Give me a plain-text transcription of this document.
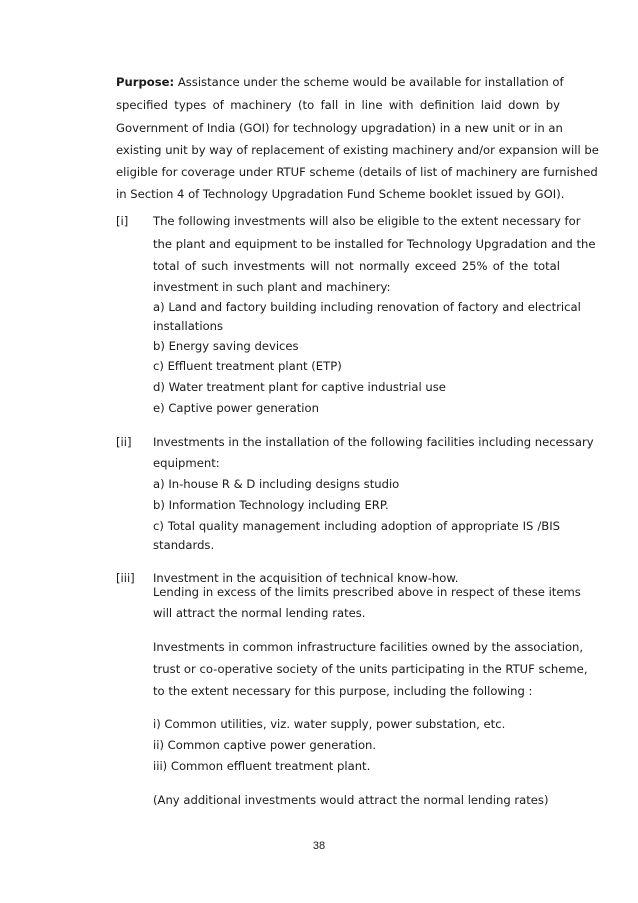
Purpose: Assistance under the scheme would be available for installation of
specified types of machinery (to fall in line with definition laid down by
Government of India (GOI) for technology upgradation) in a new unit or in an
existing unit by way of replacement of existing machinery and/or expansion will be
eligible for coverage under RTUF scheme (details of list of machinery are furnished
in Section 4 of Technology Upgradation Fund Scheme booklet issued by GOI).
[i] The following investments will also be eligible to the extent necessary for
the plant and equipment to be installed for Technology Upgradation and the
total of such investments will not normally exceed 25% of the total
investment in such plant and machinery:
a) Land and factory building including renovation of factory and electrical
installations
b) Energy saving devices
c) Effluent treatment plant (ETP)
d) Water treatment plant for captive industrial use
e) Captive power generation
[ii] Investments in the installation of the following facilities including necessary
equipment:
a) In-house R & D including designs studio
b) Information Technology including ERP.
c) Total quality management including adoption of appropriate IS /BIS
standards.
[iii] Investment in the acquisition of technical know-how.
Lending in excess of the limits prescribed above in respect of these items
will attract the normal lending rates.
Investments in common infrastructure facilities owned by the association,
trust or co-operative society of the units participating in the RTUF scheme,
to the extent necessary for this purpose, including the following :
i) Common utilities, viz. water supply, power substation, etc.
ii) Common captive power generation.
iii) Common effluent treatment plant.
(Any additional investments would attract the normal lending rates)
38
